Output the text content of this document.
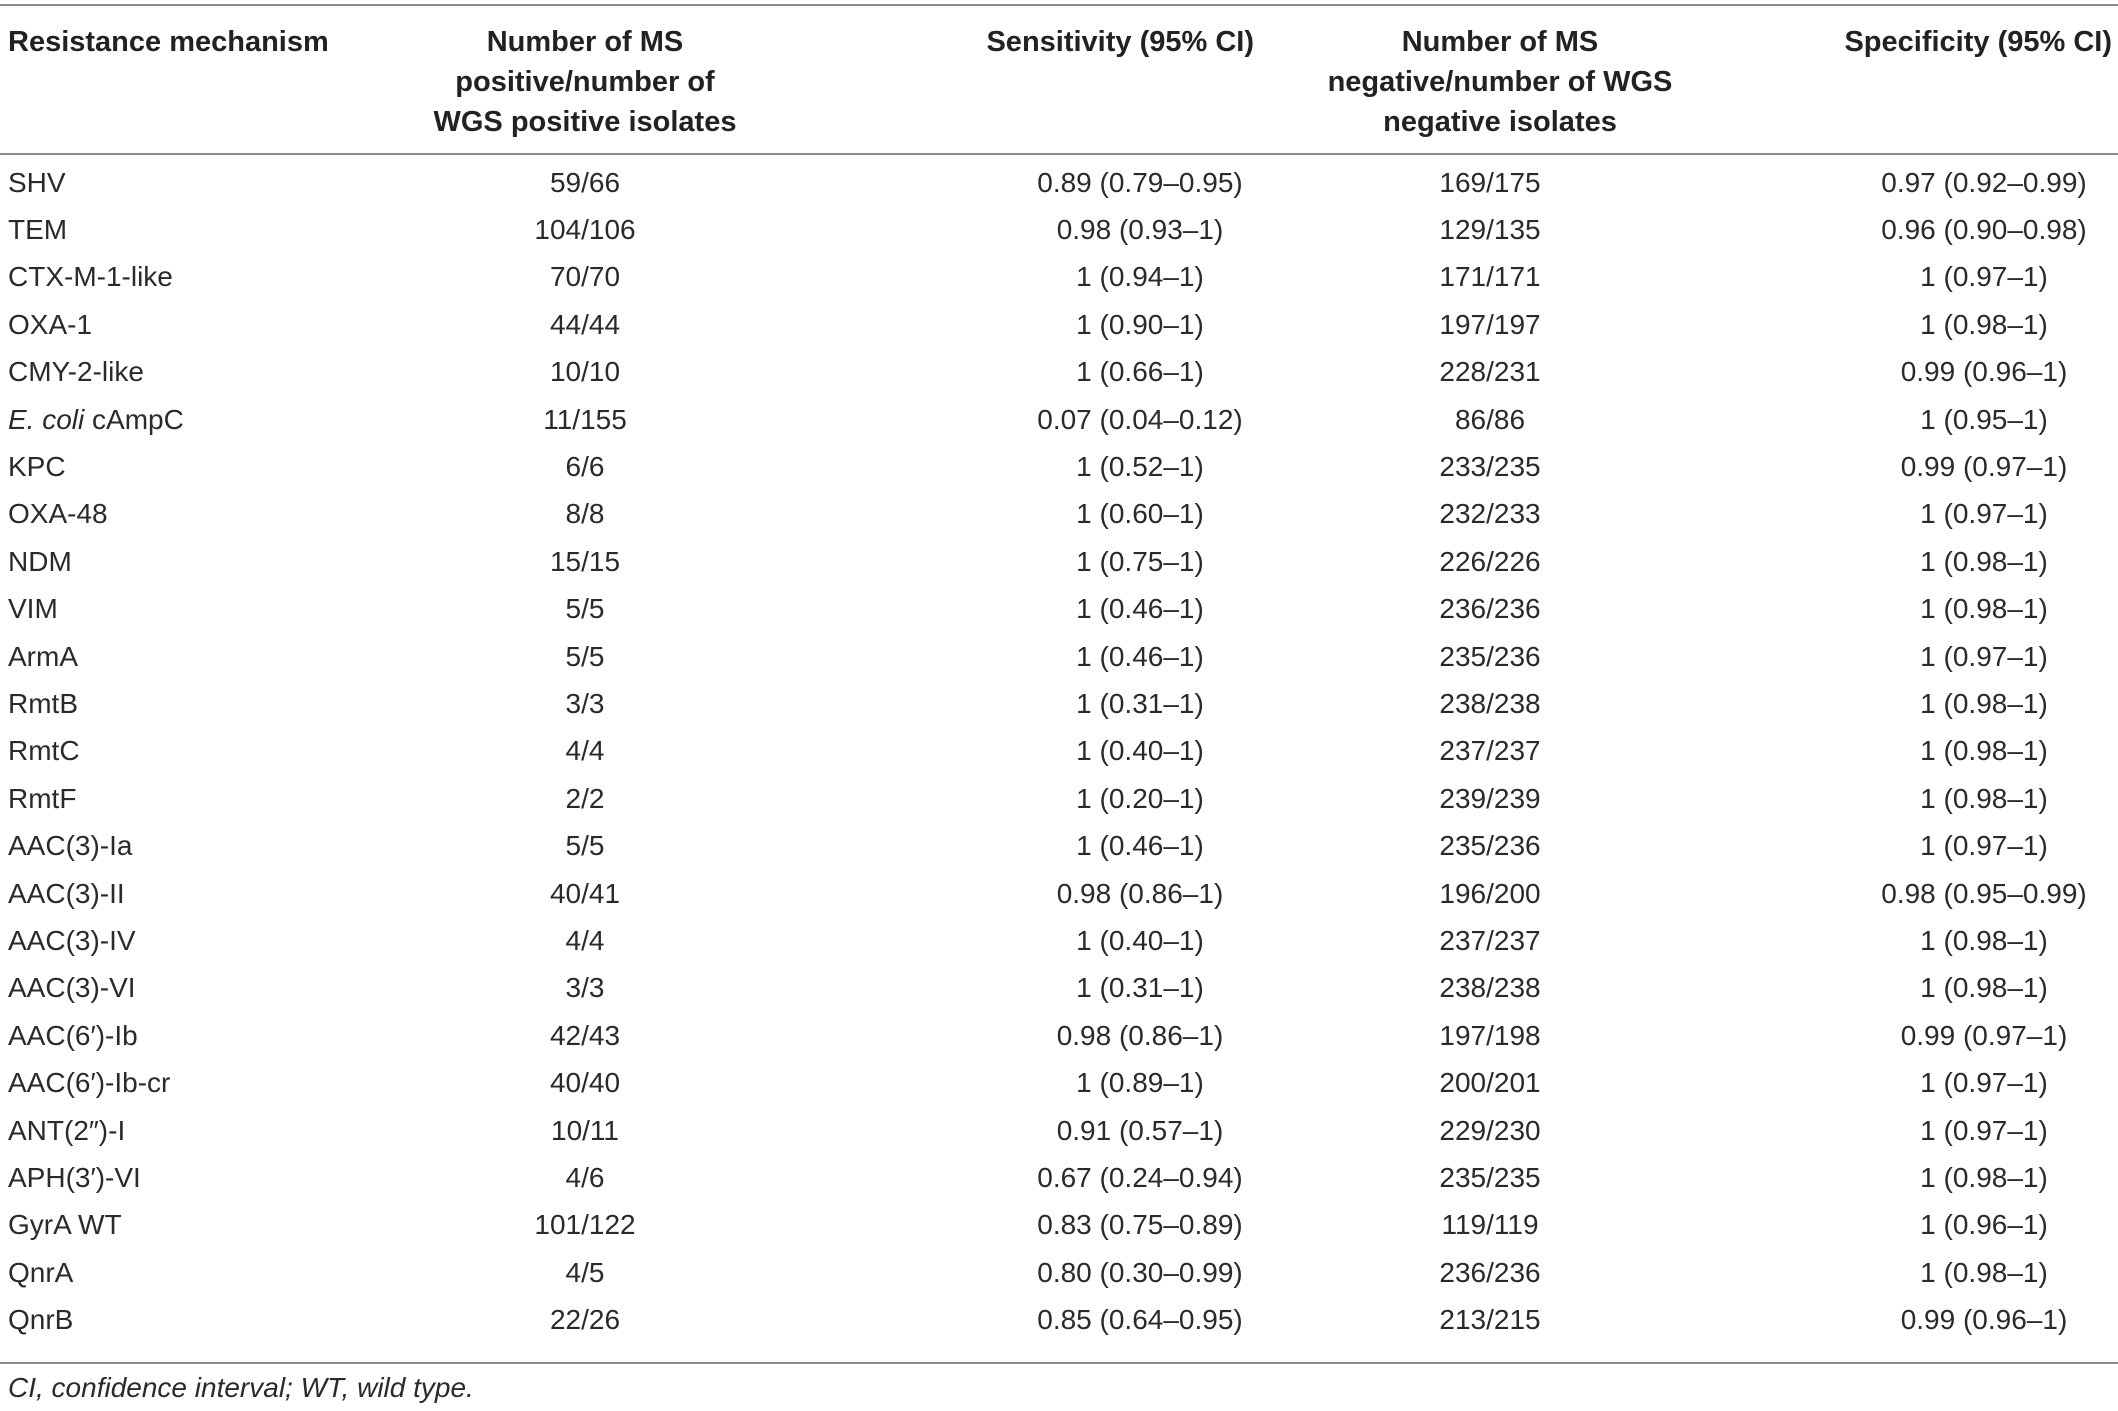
Resistance mechanism	Number of MS positive/number of WGS positive isolates	Sensitivity (95% CI)	Number of MS negative/number of WGS negative isolates	Specificity (95% CI)
SHV	59/66	0.89 (0.79–0.95)	169/175	0.97 (0.92–0.99)
TEM	104/106	0.98 (0.93–1)	129/135	0.96 (0.90–0.98)
CTX-M-1-like	70/70	1 (0.94–1)	171/171	1 (0.97–1)
OXA-1	44/44	1 (0.90–1)	197/197	1 (0.98–1)
CMY-2-like	10/10	1 (0.66–1)	228/231	0.99 (0.96–1)
E. coli cAmpC	11/155	0.07 (0.04–0.12)	86/86	1 (0.95–1)
KPC	6/6	1 (0.52–1)	233/235	0.99 (0.97–1)
OXA-48	8/8	1 (0.60–1)	232/233	1 (0.97–1)
NDM	15/15	1 (0.75–1)	226/226	1 (0.98–1)
VIM	5/5	1 (0.46–1)	236/236	1 (0.98–1)
ArmA	5/5	1 (0.46–1)	235/236	1 (0.97–1)
RmtB	3/3	1 (0.31–1)	238/238	1 (0.98–1)
RmtC	4/4	1 (0.40–1)	237/237	1 (0.98–1)
RmtF	2/2	1 (0.20–1)	239/239	1 (0.98–1)
AAC(3)-Ia	5/5	1 (0.46–1)	235/236	1 (0.97–1)
AAC(3)-II	40/41	0.98 (0.86–1)	196/200	0.98 (0.95–0.99)
AAC(3)-IV	4/4	1 (0.40–1)	237/237	1 (0.98–1)
AAC(3)-VI	3/3	1 (0.31–1)	238/238	1 (0.98–1)
AAC(6′)-Ib	42/43	0.98 (0.86–1)	197/198	0.99 (0.97–1)
AAC(6′)-Ib-cr	40/40	1 (0.89–1)	200/201	1 (0.97–1)
ANT(2″)-I	10/11	0.91 (0.57–1)	229/230	1 (0.97–1)
APH(3′)-VI	4/6	0.67 (0.24–0.94)	235/235	1 (0.98–1)
GyrA WT	101/122	0.83 (0.75–0.89)	119/119	1 (0.96–1)
QnrA	4/5	0.80 (0.30–0.99)	236/236	1 (0.98–1)
QnrB	22/26	0.85 (0.64–0.95)	213/215	0.99 (0.96–1)
CI, confidence interval; WT, wild type.
